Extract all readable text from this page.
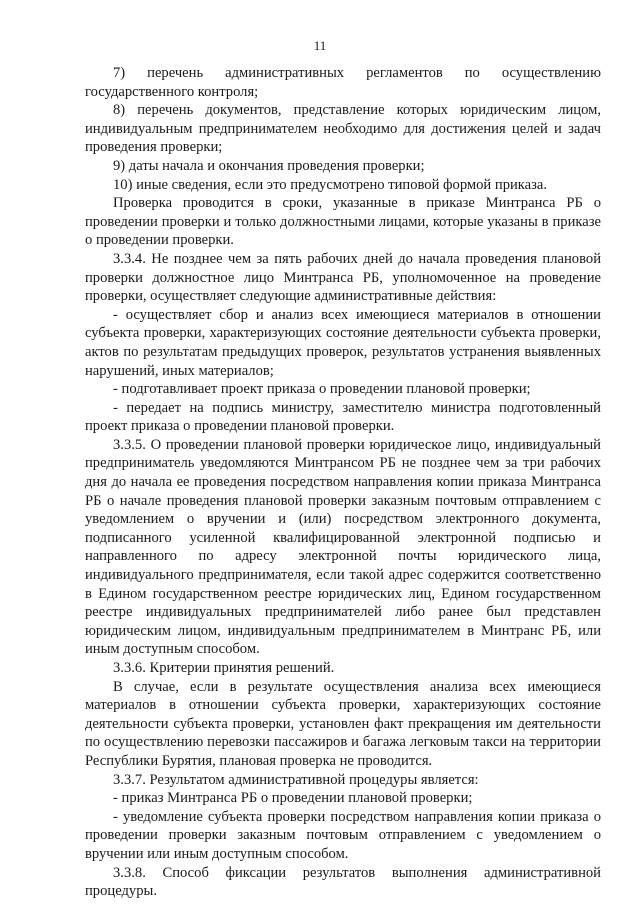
11

7) перечень административных регламентов по осуществлению государственного контроля;

8) перечень документов, представление которых юридическим лицом, индивидуальным предпринимателем необходимо для достижения целей и задач проведения проверки;

9) даты начала и окончания проведения проверки;

10) иные сведения, если это предусмотрено типовой формой приказа.

Проверка проводится в сроки, указанные в приказе Минтранса РБ о проведении проверки и только должностными лицами, которые указаны в приказе о проведении проверки.

3.3.4. Не позднее чем за пять рабочих дней до начала проведения плановой проверки должностное лицо Минтранса РБ, уполномоченное на проведение проверки, осуществляет следующие административные действия:

- осуществляет сбор и анализ всех имеющиеся материалов в отношении субъекта проверки, характеризующих состояние деятельности субъекта проверки, актов по результатам предыдущих проверок, результатов устранения выявленных нарушений, иных материалов;

- подготавливает проект приказа о проведении плановой проверки;

- передает на подпись министру, заместителю министра подготовленный проект приказа о проведении плановой проверки.

3.3.5. О проведении плановой проверки юридическое лицо, индивидуальный предприниматель уведомляются Минтрансом РБ не позднее чем за три рабочих дня до начала ее проведения посредством направления копии приказа Минтранса РБ о начале проведения плановой проверки заказным почтовым отправлением с уведомлением о вручении и (или) посредством электронного документа, подписанного усиленной квалифицированной электронной подписью и направленного по адресу электронной почты юридического лица, индивидуального предпринимателя, если такой адрес содержится соответственно в Едином государственном реестре юридических лиц, Едином государственном реестре индивидуальных предпринимателей либо ранее был представлен юридическим лицом, индивидуальным предпринимателем в Минтранс РБ, или иным доступным способом.

3.3.6. Критерии принятия решений.

В случае, если в результате осуществления анализа всех имеющиеся материалов в отношении субъекта проверки, характеризующих состояние деятельности субъекта проверки, установлен факт прекращения им деятельности по осуществлению перевозки пассажиров и багажа легковым такси на территории Республики Бурятия, плановая проверка не проводится.

3.3.7. Результатом административной процедуры является:

- приказ Минтранса РБ о проведении плановой проверки;

- уведомление субъекта проверки посредством направления копии приказа о проведении проверки заказным почтовым отправлением с уведомлением о вручении или иным доступным способом.

3.3.8. Способ фиксации результатов выполнения административной процедуры.
